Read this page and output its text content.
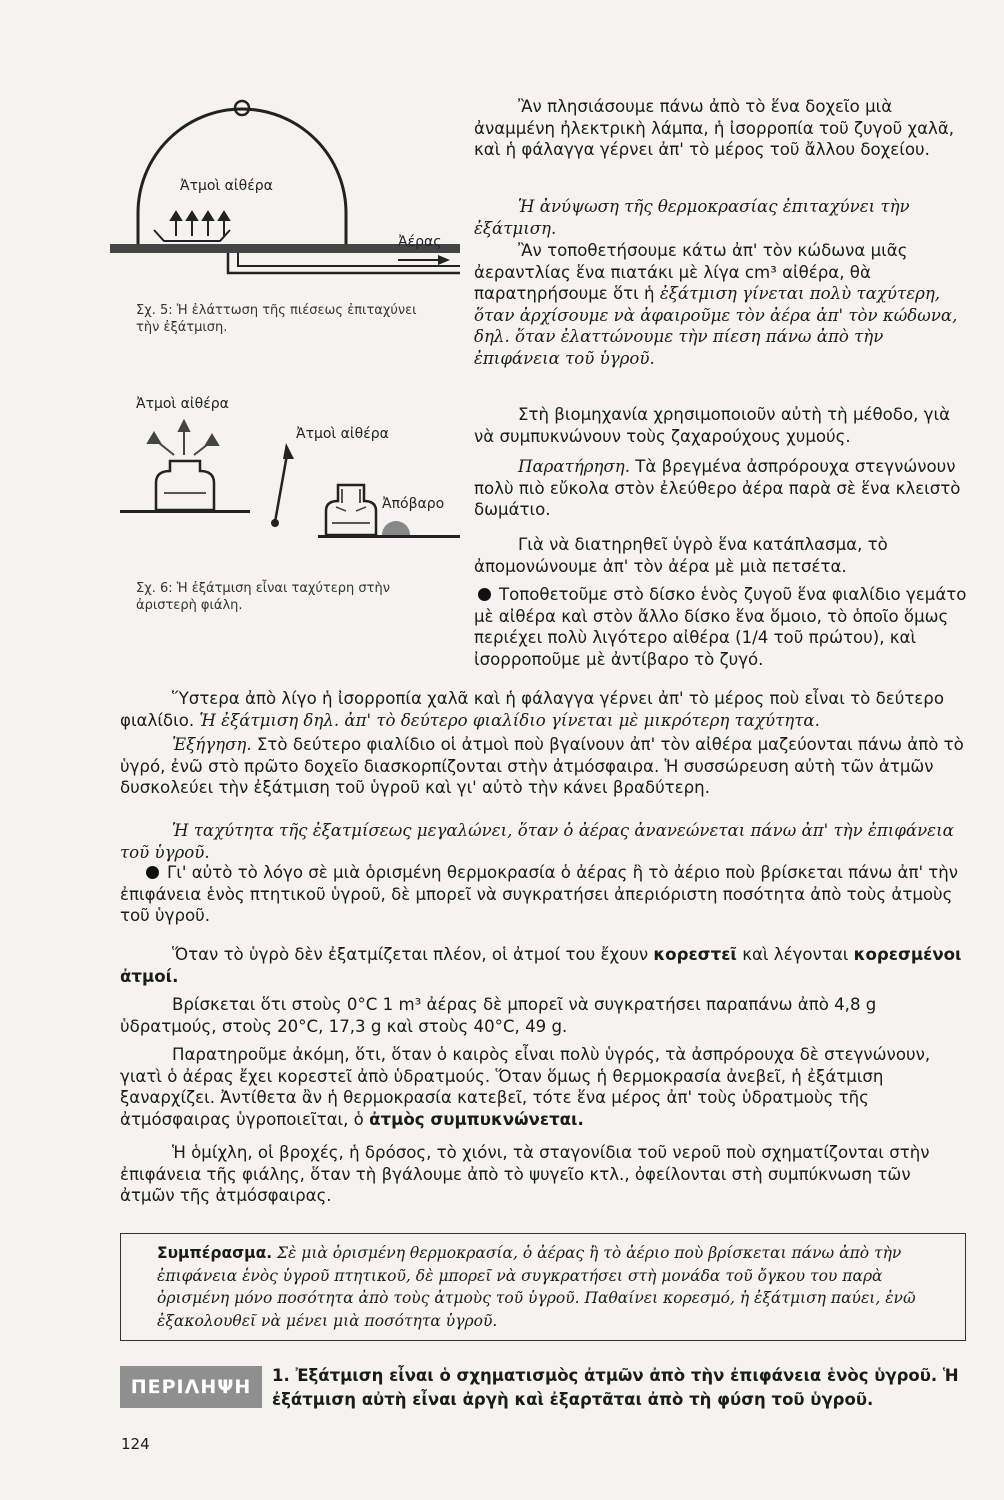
Ἀτμοὶ αἰθέρα
Ἀέρας
Σχ. 5: Ἡ ἐλάττωση τῆς πιέσεως ἐπιταχύνει τὴν ἐξάτμιση.
Ἀτμοὶ αἰθέρα
Ἀτμοὶ αἰθέρα
Ἀπόβαρο
Σχ. 6: Ἡ ἐξάτμιση εἶναι ταχύτερη στὴν ἀριστερὴ φιάλη.

Ἂν πλησιάσουμε πάνω ἀπὸ τὸ ἕνα δοχεῖο μιὰ ἀναμμένη ἠλεκτρικὴ λάμπα, ἡ ἰσορροπία τοῦ ζυγοῦ χαλᾶ, καὶ ἡ φάλαγγα γέρνει ἀπ' τὸ μέρος τοῦ ἄλλου δοχείου.

Ἡ ἀνύψωση τῆς θερμοκρασίας ἐπιταχύνει τὴν ἐξάτμιση.

Ἂν τοποθετήσουμε κάτω ἀπ' τὸν κώδωνα μιᾶς ἀεραντλίας ἕνα πιατάκι μὲ λίγα cm³ αἰθέρα, θὰ παρατηρήσουμε ὅτι ἡ ἐξάτμιση γίνεται πολὺ ταχύτερη, ὅταν ἀρχίσουμε νὰ ἀφαιροῦμε τὸν ἀέρα ἀπ' τὸν κώδωνα, δηλ. ὅταν ἐλαττώνουμε τὴν πίεση πάνω ἀπὸ τὴν ἐπιφάνεια τοῦ ὑγροῦ.

Στὴ βιομηχανία χρησιμοποιοῦν αὐτὴ τὴ μέθοδο, γιὰ νὰ συμπυκνώνουν τοὺς ζαχαρούχους χυμούς.

Παρατήρηση. Τὰ βρεγμένα ἀσπρόρουχα στεγνώνουν πολὺ πιὸ εὔκολα στὸν ἐλεύθερο ἀέρα παρὰ σὲ ἕνα κλειστὸ δωμάτιο.

Γιὰ νὰ διατηρηθεῖ ὑγρὸ ἕνα κατάπλασμα, τὸ ἀπομονώνουμε ἀπ' τὸν ἀέρα μὲ μιὰ πετσέτα.

Τοποθετοῦμε στὸ δίσκο ἑνὸς ζυγοῦ ἕνα φιαλίδιο γεμάτο μὲ αἰθέρα καὶ στὸν ἄλλο δίσκο ἕνα ὅμοιο, τὸ ὁποῖο ὅμως περιέχει πολὺ λιγότερο αἰθέρα (1/4 τοῦ πρώτου), καὶ ἰσορροποῦμε μὲ ἀντίβαρο τὸ ζυγό.

Ὕστερα ἀπὸ λίγο ἡ ἰσορροπία χαλᾶ καὶ ἡ φάλαγγα γέρνει ἀπ' τὸ μέρος ποὺ εἶναι τὸ δεύτερο φιαλίδιο. Ἡ ἐξάτμιση δηλ. ἀπ' τὸ δεύτερο φιαλίδιο γίνεται μὲ μικρότερη ταχύτητα.

Ἐξήγηση. Στὸ δεύτερο φιαλίδιο οἱ ἀτμοὶ ποὺ βγαίνουν ἀπ' τὸν αἰθέρα μαζεύονται πάνω ἀπὸ τὸ ὑγρό, ἐνῶ στὸ πρῶτο δοχεῖο διασκορπίζονται στὴν ἀτμόσφαιρα. Ἡ συσσώρευση αὐτὴ τῶν ἀτμῶν δυσκολεύει τὴν ἐξάτμιση τοῦ ὑγροῦ καὶ γι' αὐτὸ τὴν κάνει βραδύτερη.

Ἡ ταχύτητα τῆς ἐξατμίσεως μεγαλώνει, ὅταν ὁ ἀέρας ἀνανεώνεται πάνω ἀπ' τὴν ἐπιφάνεια τοῦ ὑγροῦ.

Γι' αὐτὸ τὸ λόγο σὲ μιὰ ὁρισμένη θερμοκρασία ὁ ἀέρας ἢ τὸ ἀέριο ποὺ βρίσκεται πάνω ἀπ' τὴν ἐπιφάνεια ἑνὸς πτητικοῦ ὑγροῦ, δὲ μπορεῖ νὰ συγκρατήσει ἀπεριόριστη ποσότητα ἀπὸ τοὺς ἀτμοὺς τοῦ ὑγροῦ.

Ὅταν τὸ ὑγρὸ δὲν ἐξατμίζεται πλέον, οἱ ἀτμοί του ἔχουν κορεστεῖ καὶ λέγονται κορεσμένοι ἀτμοί.

Βρίσκεται ὅτι στοὺς 0°C 1 m³ ἀέρας δὲ μπορεῖ νὰ συγκρατήσει παραπάνω ἀπὸ 4,8 g ὑδρατμούς, στοὺς 20°C, 17,3 g καὶ στοὺς 40°C, 49 g.

Παρατηροῦμε ἀκόμη, ὅτι, ὅταν ὁ καιρὸς εἶναι πολὺ ὑγρός, τὰ ἀσπρόρουχα δὲ στεγνώνουν, γιατὶ ὁ ἀέρας ἔχει κορεστεῖ ἀπὸ ὑδρατμούς. Ὅταν ὅμως ἡ θερμοκρασία ἀνεβεῖ, ἡ ἐξάτμιση ξαναρχίζει. Ἀντίθετα ἂν ἡ θερμοκρασία κατεβεῖ, τότε ἕνα μέρος ἀπ' τοὺς ὑδρατμοὺς τῆς ἀτμόσφαιρας ὑγροποιεῖται, ὁ ἀτμὸς συμπυκνώνεται.

Ἡ ὁμίχλη, οἱ βροχές, ἡ δρόσος, τὸ χιόνι, τὰ σταγονίδια τοῦ νεροῦ ποὺ σχηματίζονται στὴν ἐπιφάνεια τῆς φιάλης, ὅταν τὴ βγάλουμε ἀπὸ τὸ ψυγεῖο κτλ., ὀφείλονται στὴ συμπύκνωση τῶν ἀτμῶν τῆς ἀτμόσφαιρας.

Συμπέρασμα. Σὲ μιὰ ὁρισμένη θερμοκρασία, ὁ ἀέρας ἢ τὸ ἀέριο ποὺ βρίσκεται πάνω ἀπὸ τὴν ἐπιφάνεια ἑνὸς ὑγροῦ πτητικοῦ, δὲ μπορεῖ νὰ συγκρατήσει στὴ μονάδα τοῦ ὄγκου του παρὰ ὁρισμένη μόνο ποσότητα ἀπὸ τοὺς ἀτμοὺς τοῦ ὑγροῦ. Παθαίνει κορεσμό, ἡ ἐξάτμιση παύει, ἐνῶ ἐξακολουθεῖ νὰ μένει μιὰ ποσότητα ὑγροῦ.
ΠΕΡΙΛΗΨΗ
1. Ἐξάτμιση εἶναι ὁ σχηματισμὸς ἀτμῶν ἀπὸ τὴν ἐπιφάνεια ἑνὸς ὑγροῦ. Ἡ ἐξάτμιση αὐτὴ εἶναι ἀργὴ καὶ ἐξαρτᾶται ἀπὸ τὴ φύση τοῦ ὑγροῦ.
124
